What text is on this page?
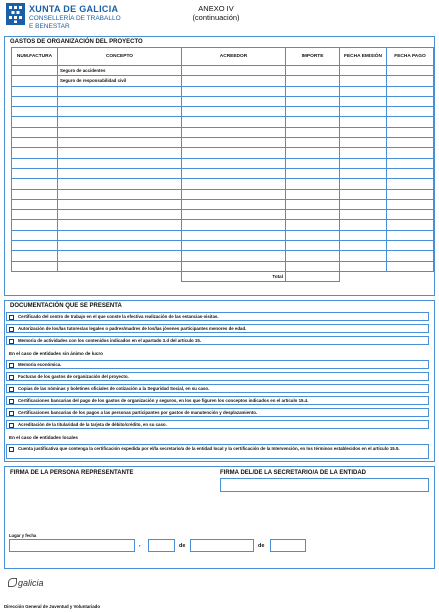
XUNTA DE GALICIA
CONSELLERÍA DE TRABALLO
E BENESTAR
ANEXO IV
(continuación)
GASTOS DE ORGANIZACIÓN DEL PROYECTO
NUM.FACTURA	CONCEPTO	ACREEDOR	IMPORTE	FECHA EMISIÓN	FECHA PAGO
	Seguro de accidentes				
	Seguro de responsabilidad civil				

		Total			
DOCUMENTACIÓN QUE SE PRESENTA
Certificado del centro de trabajo en el que conste la efectiva realización de las estancias-visitas.
Autorización de los/las tutores/as legales o padres/madres de los/las jóvenes participantes menores de edad.
Memoria de actividades con los contenidos indicados en el apartado 3.d del artículo 15.
En el caso de entidades sin ánimo de lucro
Memoria económica.
Facturas de los gastos de organización del proyecto.
Copias de las nóminas y boletines oficiales de cotización a la Seguridad Social, en su caso.
Certificaciones bancarias del pago de los gastos de organización y seguros, en los que figuren los conceptos indicados en el artículo 15.4.
Certificaciones bancarias de los pagos a las personas participantes por gastos de manutención y desplazamiento.
Acreditación de la titularidad de la tarjeta de débito/crédito, en su caso.
En el caso de entidades locales
Cuenta justificativa que contenga la certificación expedida por el/la secretario/a de la entidad local y la certificación de la Intervención, en los términos establecidos en el artículo 15.5.
FIRMA DE LA PERSONA REPRESENTANTE	FIRMA DEL/DE LA SECRETARIO/A DE LA ENTIDAD
Lugar y fecha
,	de	de
galicia
Dirección General de Juventud y Voluntariado
